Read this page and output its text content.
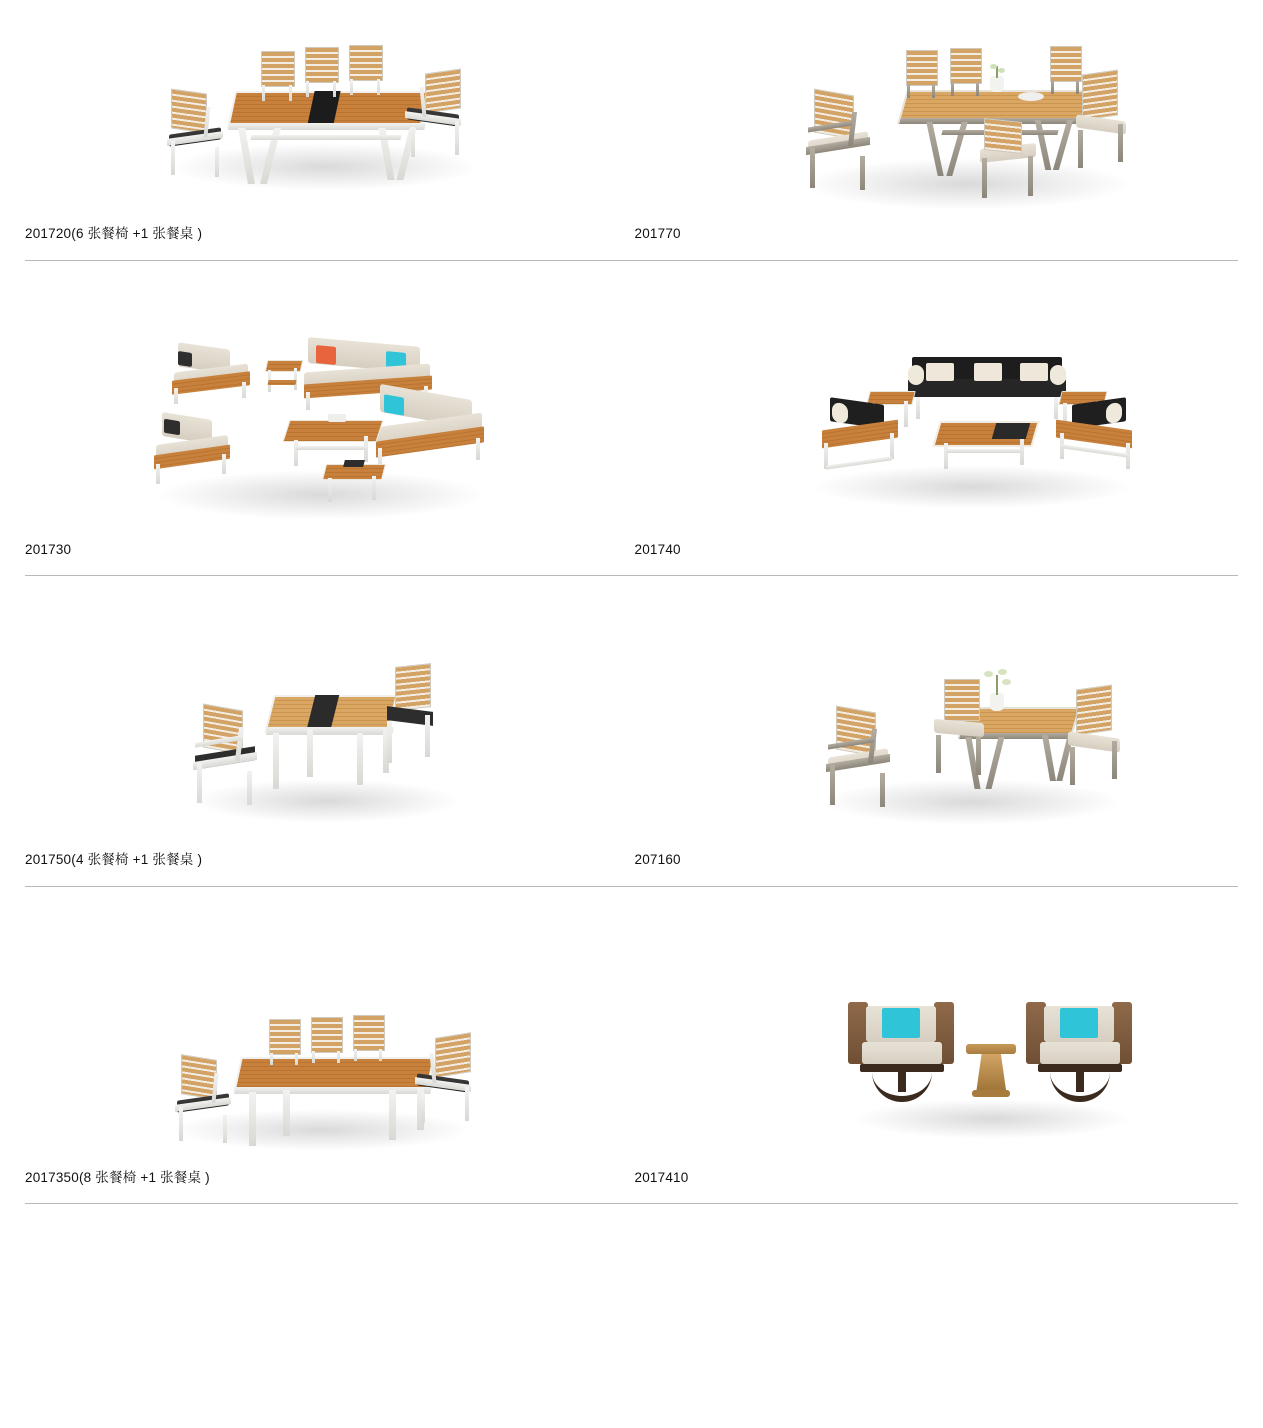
201720(6 张餐椅 +1 张餐桌 )	201770
201730	201740
201750(4 张餐椅 +1 张餐桌 )	207160
2017350(8 张餐椅 +1 张餐桌 )	2017410
